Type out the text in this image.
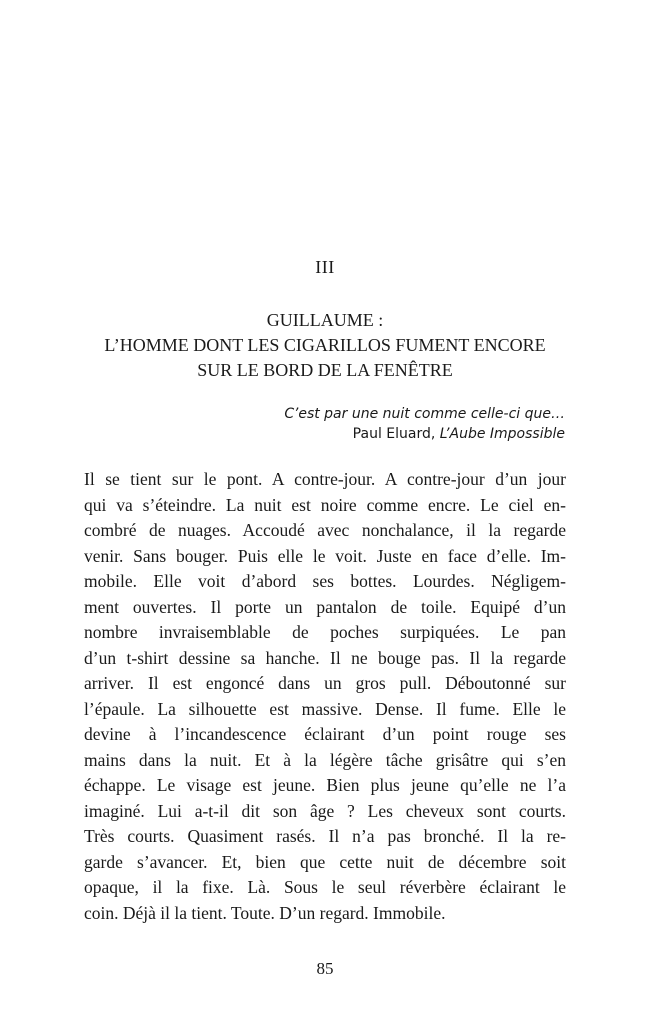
III
GUILLAUME :
L’HOMME DONT LES CIGARILLOS FUMENT ENCORE
SUR LE BORD DE LA FENÊTRE
C’est par une nuit comme celle-ci que…
Paul Eluard, L’Aube Impossible
Il se tient sur le pont. A contre-jour. A contre-jour d’un jour
qui va s’éteindre. La nuit est noire comme encre. Le ciel en-
combré de nuages. Accoudé avec nonchalance, il la regarde
venir. Sans bouger. Puis elle le voit. Juste en face d’elle. Im-
mobile. Elle voit d’abord ses bottes. Lourdes. Négligem-
ment ouvertes. Il porte un pantalon de toile. Equipé d’un
nombre invraisemblable de poches surpiquées. Le pan
d’un t-shirt dessine sa hanche. Il ne bouge pas. Il la regarde
arriver. Il est engoncé dans un gros pull. Déboutonné sur
l’épaule. La silhouette est massive. Dense. Il fume. Elle le
devine à l’incandescence éclairant d’un point rouge ses
mains dans la nuit. Et à la légère tâche grisâtre qui s’en
échappe. Le visage est jeune. Bien plus jeune qu’elle ne l’a
imaginé. Lui a-t-il dit son âge ? Les cheveux sont courts.
Très courts. Quasiment rasés. Il n’a pas bronché. Il la re-
garde s’avancer. Et, bien que cette nuit de décembre soit
opaque, il la fixe. Là. Sous le seul réverbère éclairant le
coin. Déjà il la tient. Toute. D’un regard. Immobile.
85
